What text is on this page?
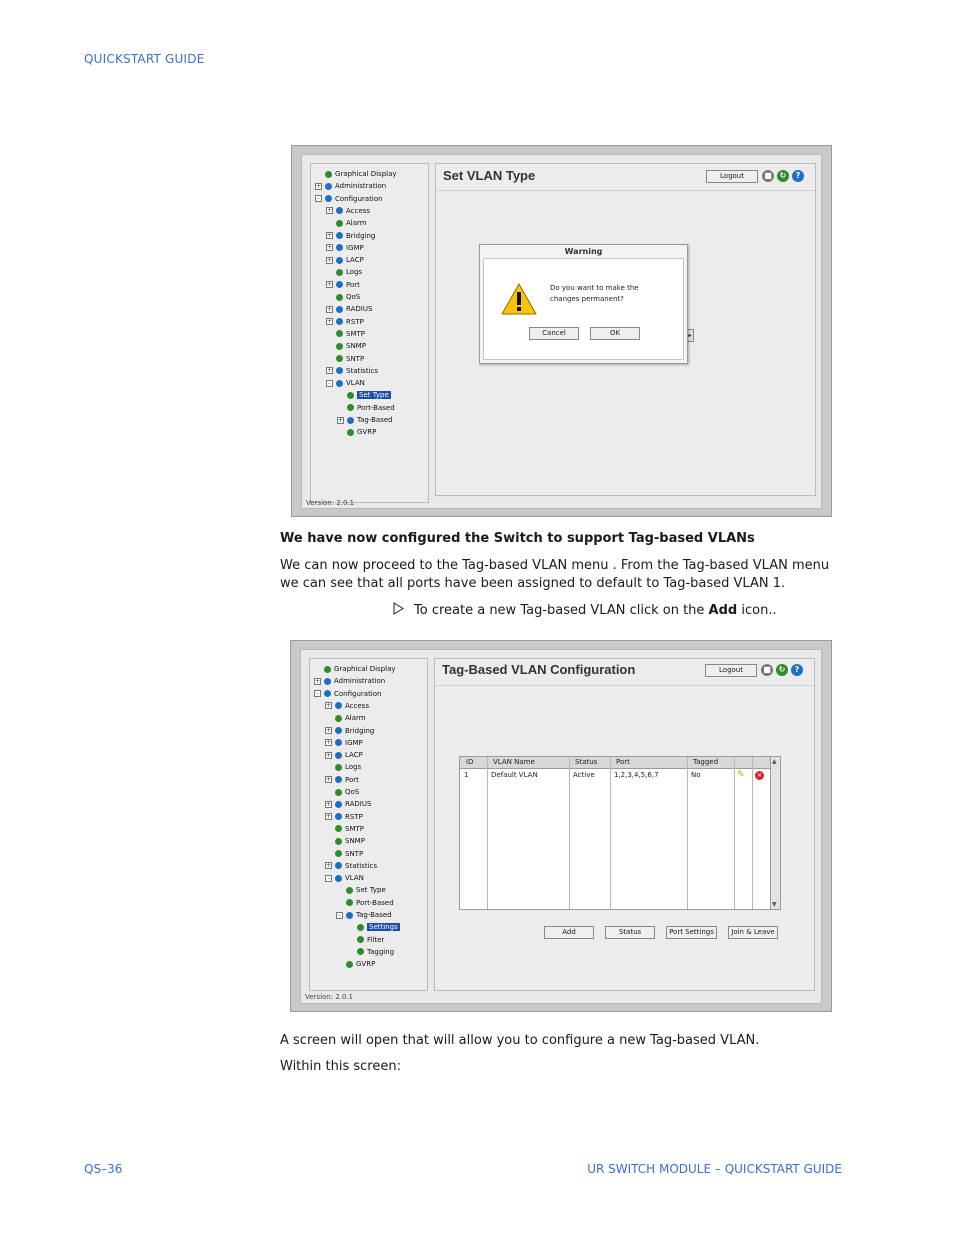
QUICKSTART GUIDE
Graphical Display
+ Administration
-	Configuration
+ Access
Alarm
+ Bridging
+ IGMP
+ LACP
Logs
+ Port
QoS
+ RADIUS
+ RSTP
SMTP
SNMP
SNTP
+ Statistics
-	VLAN
Set Type
Port-Based
+ Tag-Based
GVRP
Set VLAN Type	Logout	■ ↻	?
▸
Warning
Do you want to make the changes permanent?
Cancel	OK
Version: 2.0.1
We have now configured the Switch to support Tag-based VLANs
We can now proceed to the Tag-based VLAN menu . From the Tag-based VLAN menu we can see that all ports have been assigned to default to Tag-based VLAN 1.
To create a new Tag-based VLAN click on the Add icon..
Graphical Display
+ Administration
-	Configuration
+ Access
Alarm
+ Bridging
+ IGMP
+ LACP
Logs
+ Port
QoS
+ RADIUS
+ RSTP
SMTP
SNMP
SNTP
+ Statistics
-	VLAN
Set Type
Port-Based
-	Tag-Based
Settings
Filter
Tagging
GVRP
Tag-Based VLAN Configuration	Logout	■ ↻	?
ID	VLAN Name	Status	Port	Tagged
1	Default VLAN	Active	1,2,3,4,5,6,7	No	✎	✕
▲
▼
Add	Status	Port Settings	Join & Leave
Version: 2.0.1
A screen will open that will allow you to configure a new Tag-based VLAN.
Within this screen:
QS–36	UR SWITCH MODULE – QUICKSTART GUIDE
